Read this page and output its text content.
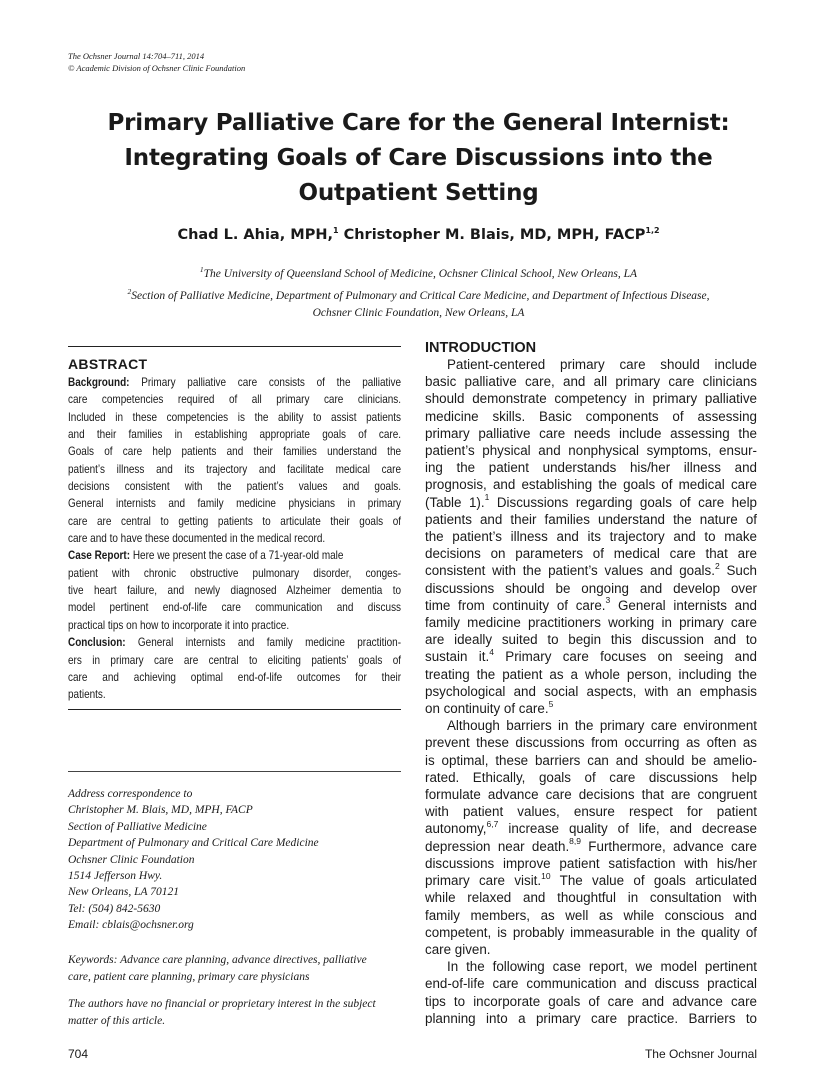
The Ochsner Journal 14:704–711, 2014
© Academic Division of Ochsner Clinic Foundation
Primary Palliative Care for the General Internist:
Integrating Goals of Care Discussions into the
Outpatient Setting
Chad L. Ahia, MPH,$^1$ Christopher M. Blais, MD, MPH, FACP$^{1,2}$
$^1$The University of Queensland School of Medicine, Ochsner Clinical School, New Orleans, LA
$^2$Section of Palliative Medicine, Department of Pulmonary and Critical Care Medicine, and Department of Infectious Disease,
Ochsner Clinic Foundation, New Orleans, LA
ABSTRACT
Background: Primary palliative care consists of the palliative
care competencies required of all primary care clinicians.
Included in these competencies is the ability to assist patients
and their families in establishing appropriate goals of care.
Goals of care help patients and their families understand the
patient’s illness and its trajectory and facilitate medical care
decisions consistent with the patient’s values and goals.
General internists and family medicine physicians in primary
care are central to getting patients to articulate their goals of
care and to have these documented in the medical record.
Case Report: Here we present the case of a 71-year-old male
patient with chronic obstructive pulmonary disorder, conges-
tive heart failure, and newly diagnosed Alzheimer dementia to
model pertinent end-of-life care communication and discuss
practical tips on how to incorporate it into practice.
Conclusion: General internists and family medicine practition-
ers in primary care are central to eliciting patients’ goals of
care and achieving optimal end-of-life outcomes for their
patients.
Address correspondence to
Christopher M. Blais, MD, MPH, FACP
Section of Palliative Medicine
Department of Pulmonary and Critical Care Medicine
Ochsner Clinic Foundation
1514 Jefferson Hwy.
New Orleans, LA 70121
Tel: (504) 842-5630
Email: cblais@ochsner.org
Keywords: Advance care planning, advance directives, palliative
care, patient care planning, primary care physicians
The authors have no financial or proprietary interest in the subject
matter of this article.
INTRODUCTION
Patient-centered primary care should include
basic palliative care, and all primary care clinicians
should demonstrate competency in primary palliative
medicine skills. Basic components of assessing
primary palliative care needs include assessing the
patient’s physical and nonphysical symptoms, ensur-
ing the patient understands his/her illness and
prognosis, and establishing the goals of medical care
(Table 1).$^1$ Discussions regarding goals of care help
patients and their families understand the nature of
the patient’s illness and its trajectory and to make
decisions on parameters of medical care that are
consistent with the patient’s values and goals.$^2$ Such
discussions should be ongoing and develop over
time from continuity of care.$^3$ General internists and
family medicine practitioners working in primary care
are ideally suited to begin this discussion and to
sustain it.$^4$ Primary care focuses on seeing and
treating the patient as a whole person, including the
psychological and social aspects, with an emphasis
on continuity of care.$^5$
Although barriers in the primary care environment
prevent these discussions from occurring as often as
is optimal, these barriers can and should be amelio-
rated. Ethically, goals of care discussions help
formulate advance care decisions that are congruent
with patient values, ensure respect for patient
autonomy,$^{6,7}$ increase quality of life, and decrease
depression near death.$^{8,9}$ Furthermore, advance care
discussions improve patient satisfaction with his/her
primary care visit.$^{10}$ The value of goals articulated
while relaxed and thoughtful in consultation with
family members, as well as while conscious and
competent, is probably immeasurable in the quality of
care given.
In the following case report, we model pertinent
end-of-life care communication and discuss practical
tips to incorporate goals of care and advance care
planning into a primary care practice. Barriers to
704	The Ochsner Journal
